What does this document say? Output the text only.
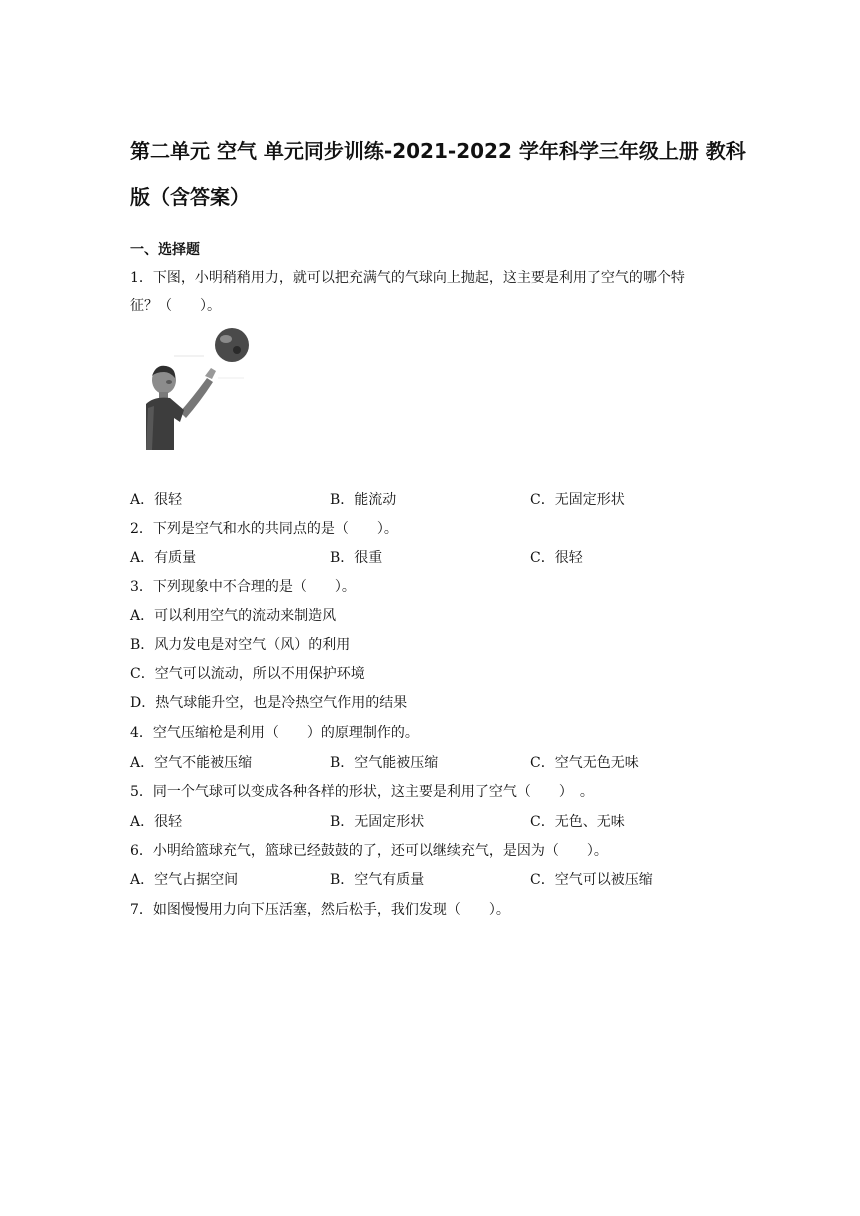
第二单元 空气 单元同步训练-2021-2022 学年科学三年级上册 教科
版（含答案）
一、选择题
1．下图，小明稍稍用力，就可以把充满气的气球向上抛起，这主要是利用了空气的哪个特
征？（　　）。
A．很轻	B．能流动	C．无固定形状
2．下列是空气和水的共同点的是（　　）。
A．有质量	B．很重	C．很轻
3．下列现象中不合理的是（　　）。
A．可以利用空气的流动来制造风
B．风力发电是对空气（风）的利用
C．空气可以流动，所以不用保护环境
D．热气球能升空，也是冷热空气作用的结果
4．空气压缩枪是利用（　　）的原理制作的。
A．空气不能被压缩	B．空气能被压缩	C．空气无色无味
5．同一个气球可以变成各种各样的形状，这主要是利用了空气（　　）　。
A．很轻	B．无固定形状	C．无色、无味
6．小明给篮球充气，篮球已经鼓鼓的了，还可以继续充气，是因为（　　）。
A．空气占据空间	B．空气有质量	C．空气可以被压缩
7．如图慢慢用力向下压活塞，然后松手，我们发现（　　）。
